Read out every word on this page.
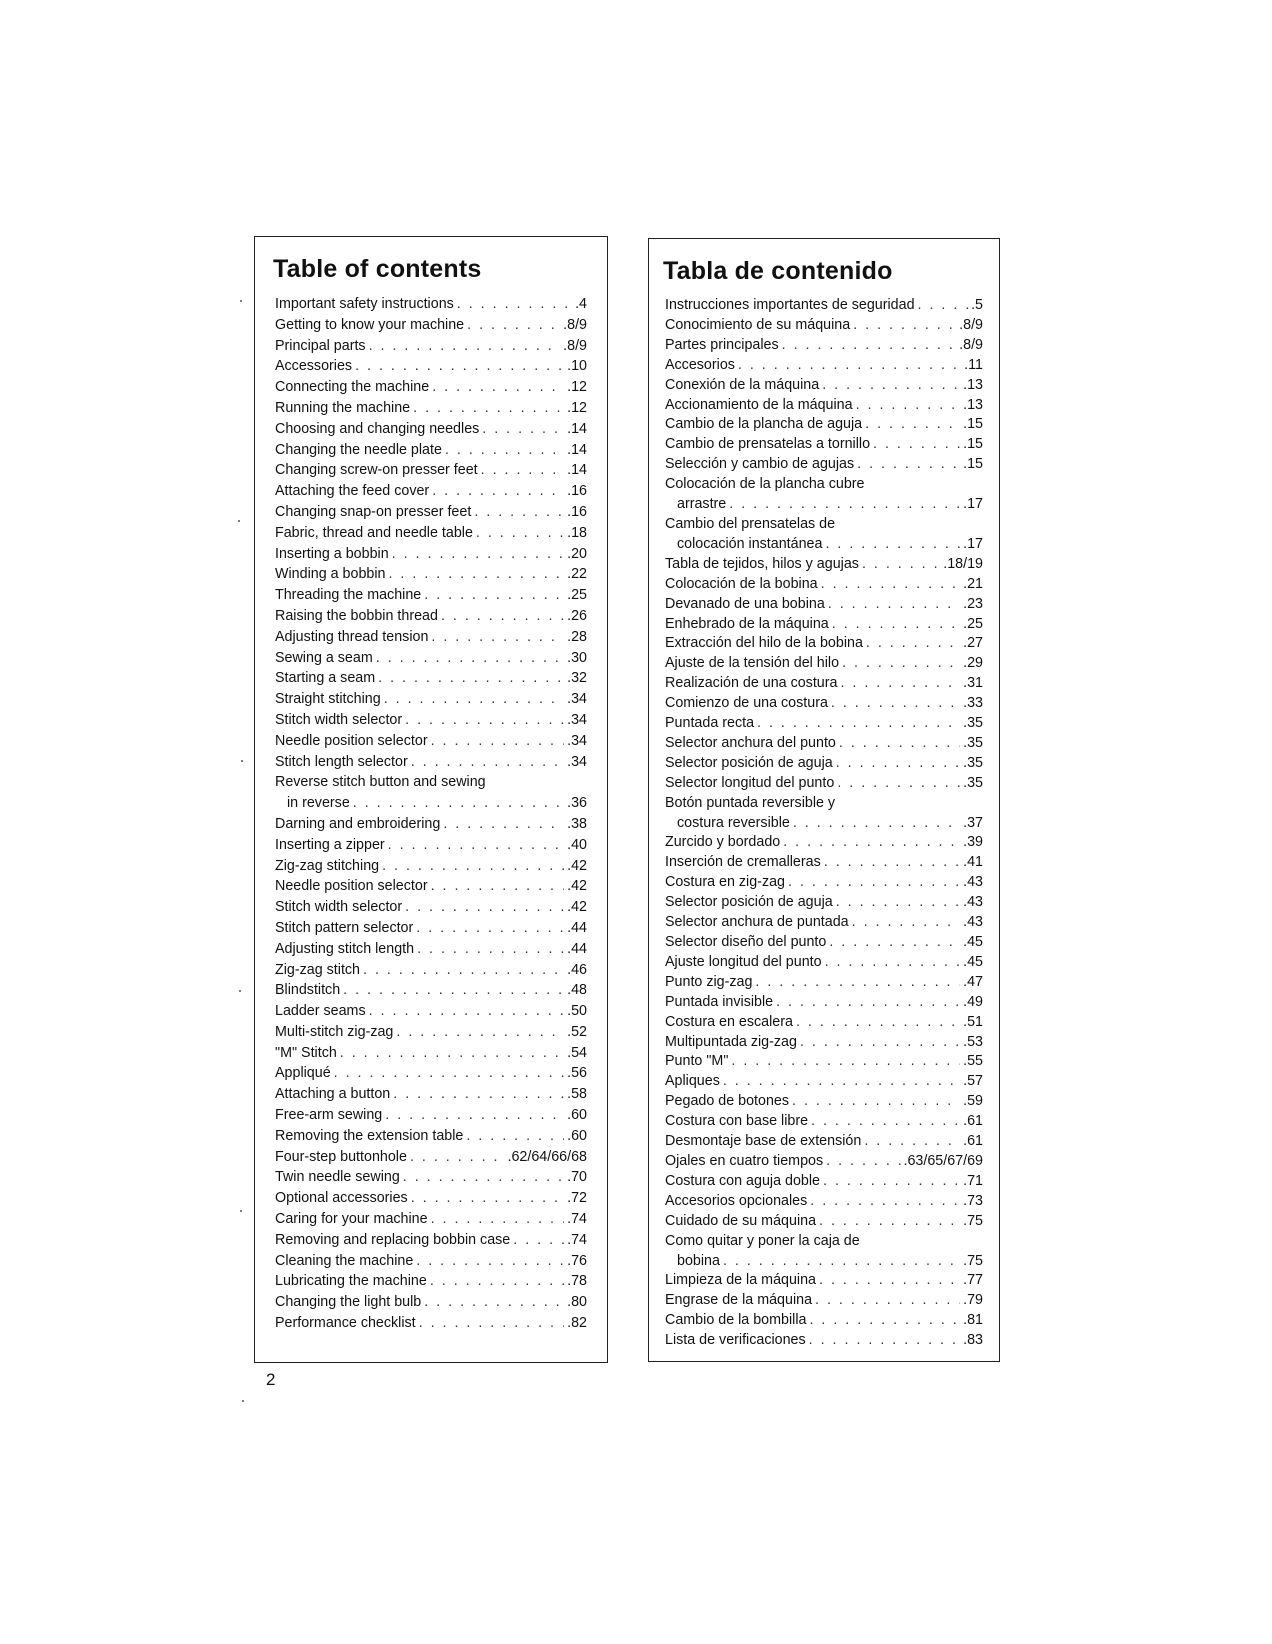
Table of contents
Important safety instructions . . .	.4
Getting to know your machine . . .	.8/9
Principal parts . . .	.8/9
Accessories . . .	.10
Connecting the machine . . .	.12
Running the machine . . .	.12
Choosing and changing needles . . .	.14
Changing the needle plate . . .	.14
Changing screw-on presser feet . . .	.14
Attaching the feed cover . . .	.16
Changing snap-on presser feet . . .	.16
Fabric, thread and needle table . . .	.18
Inserting a bobbin . . .	.20
Winding a bobbin . . .	.22
Threading the machine . . .	.25
Raising the bobbin thread . . .	.26
Adjusting thread tension . . .	.28
Sewing a seam . . .	.30
Starting a seam . . .	.32
Straight stitching . . .	.34
Stitch width selector . . .	.34
Needle position selector . . .	.34
Stitch length selector . . .	.34
Reverse stitch button and sewing
in reverse . . .	.36
Darning and embroidering . . .	.38
Inserting a zipper . . .	.40
Zig-zag stitching . . .	.42
Needle position selector . . .	.42
Stitch width selector . . .	.42
Stitch pattern selector . . .	.44
Adjusting stitch length . . .	.44
Zig-zag stitch . . .	.46
Blindstitch . . .	.48
Ladder seams . . .	.50
Multi-stitch zig-zag . . .	.52
"M" Stitch . . .	.54
Appliqué . . .	.56
Attaching a button . . .	.58
Free-arm sewing . . .	.60
Removing the extension table . . .	.60
Four-step buttonhole . . .	.62/64/66/68
Twin needle sewing . . .	.70
Optional accessories . . .	.72
Caring for your machine . . .	.74
Removing and replacing bobbin case . . .	.74
Cleaning the machine . . .	.76
Lubricating the machine . . .	.78
Changing the light bulb . . .	.80
Performance checklist . . .	.82
Tabla de contenido
Instrucciones importantes de seguridad . . .	.5
Conocimiento de su máquina . . .	.8/9
Partes principales . . .	.8/9
Accesorios . . .	.11
Conexión de la máquina . . .	.13
Accionamiento de la máquina . . .	.13
Cambio de la plancha de aguja . . .	.15
Cambio de prensatelas a tornillo . . .	.15
Selección y cambio de agujas . . .	.15
Colocación de la plancha cubre
arrastre . . .	.17
Cambio del prensatelas de
colocación instantánea . . .	.17
Tabla de tejidos, hilos y agujas . . .	.18/19
Colocación de la bobina . . .	.21
Devanado de una bobina . . .	.23
Enhebrado de la máquina . . .	.25
Extracción del hilo de la bobina . . .	.27
Ajuste de la tensión del hilo . . .	.29
Realización de una costura . . .	.31
Comienzo de una costura . . .	.33
Puntada recta . . .	.35
Selector anchura del punto . . .	.35
Selector posición de aguja . . .	.35
Selector longitud del punto . . .	.35
Botón puntada reversible y
costura reversible . . .	.37
Zurcido y bordado . . .	.39
Inserción de cremalleras . . .	.41
Costura en zig-zag . . .	.43
Selector posición de aguja . . .	.43
Selector anchura de puntada . . .	.43
Selector diseño del punto . . .	.45
Ajuste longitud del punto . . .	.45
Punto zig-zag . . .	.47
Puntada invisible . . .	.49
Costura en escalera . . .	.51
Multipuntada zig-zag . . .	.53
Punto "M" . . .	.55
Apliques . . .	.57
Pegado de botones . . .	.59
Costura con base libre . . .	.61
Desmontaje base de extensión . . .	.61
Ojales en cuatro tiempos . . .	.63/65/67/69
Costura con aguja doble . . .	.71
Accesorios opcionales . . .	.73
Cuidado de su máquina . . .	.75
Como quitar y poner la caja de
bobina . . .	.75
Limpieza de la máquina . . .	.77
Engrase de la máquina . . .	.79
Cambio de la bombilla . . .	.81
Lista de verificaciones . . .	.83
2
